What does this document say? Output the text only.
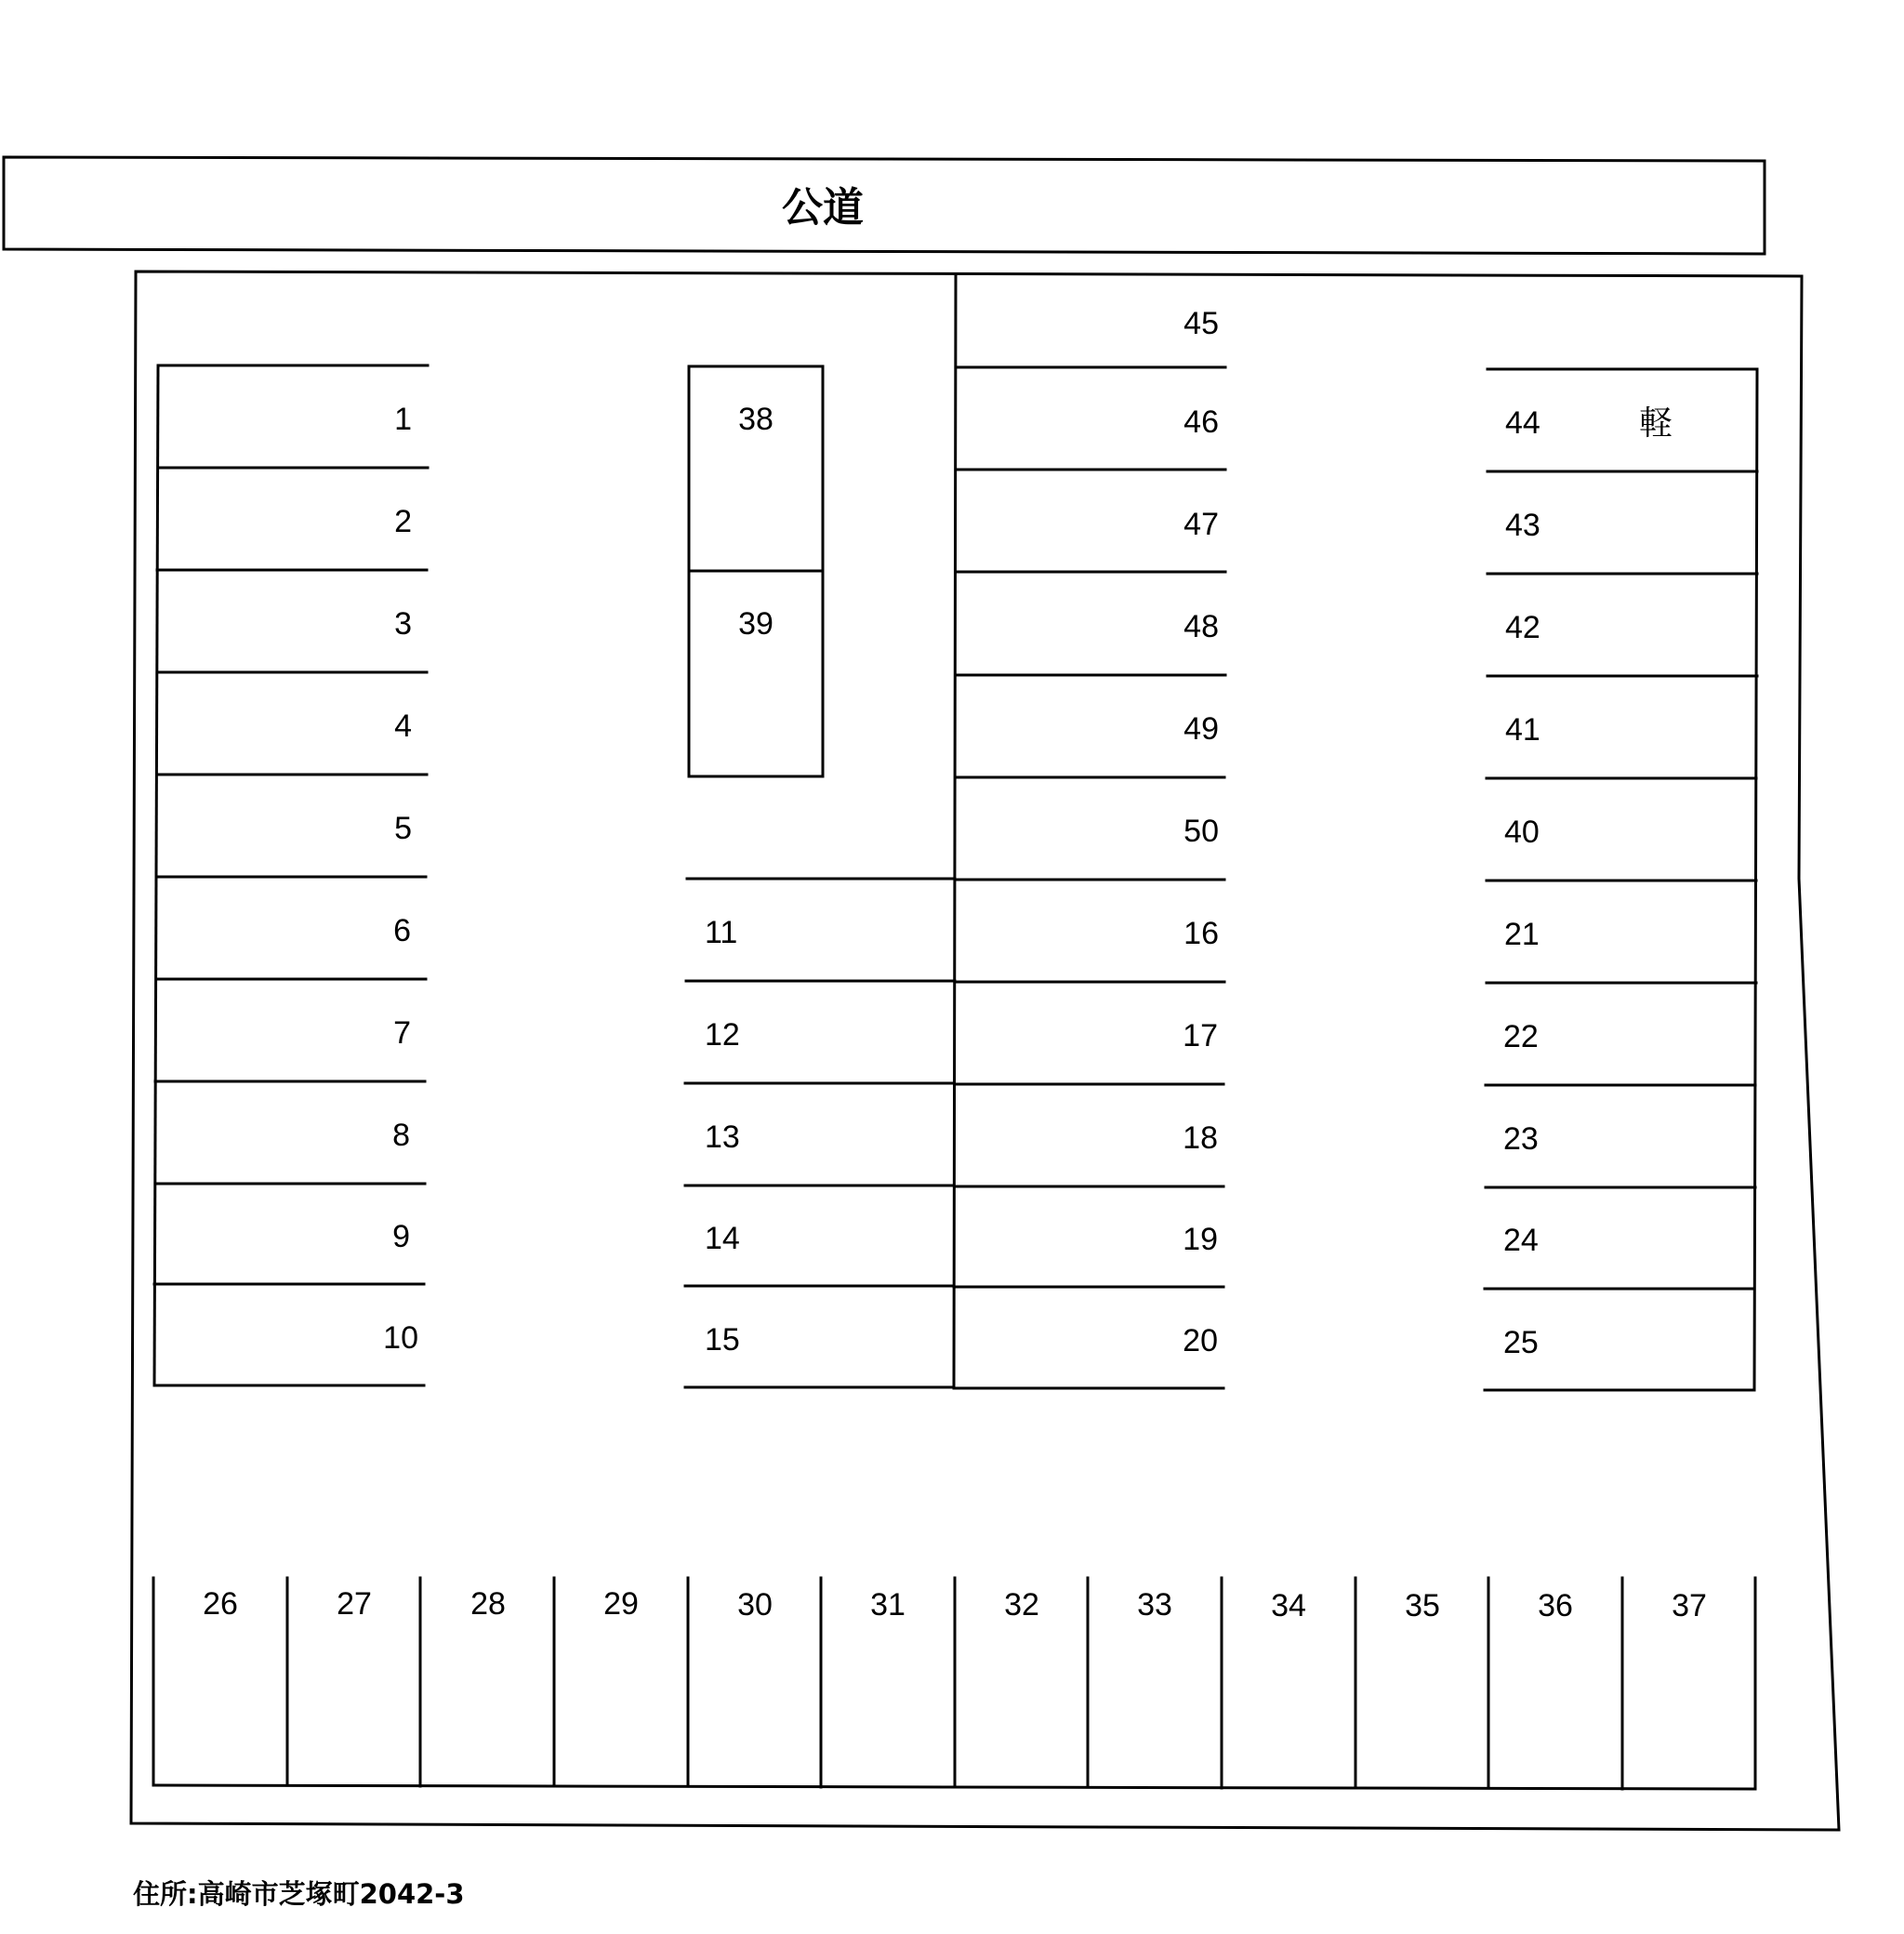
公道
1
2
3
4
5
6
7
8
9
10
38
39
11
12
13
14
15
45
46
47
48
49
50
16
17
18
19
20
44	軽
43
42
41
40
21
22
23
24
25
26	27	28	29	30	31	32	33	34	35	36	37
住所:高崎市芝塚町2042-3
